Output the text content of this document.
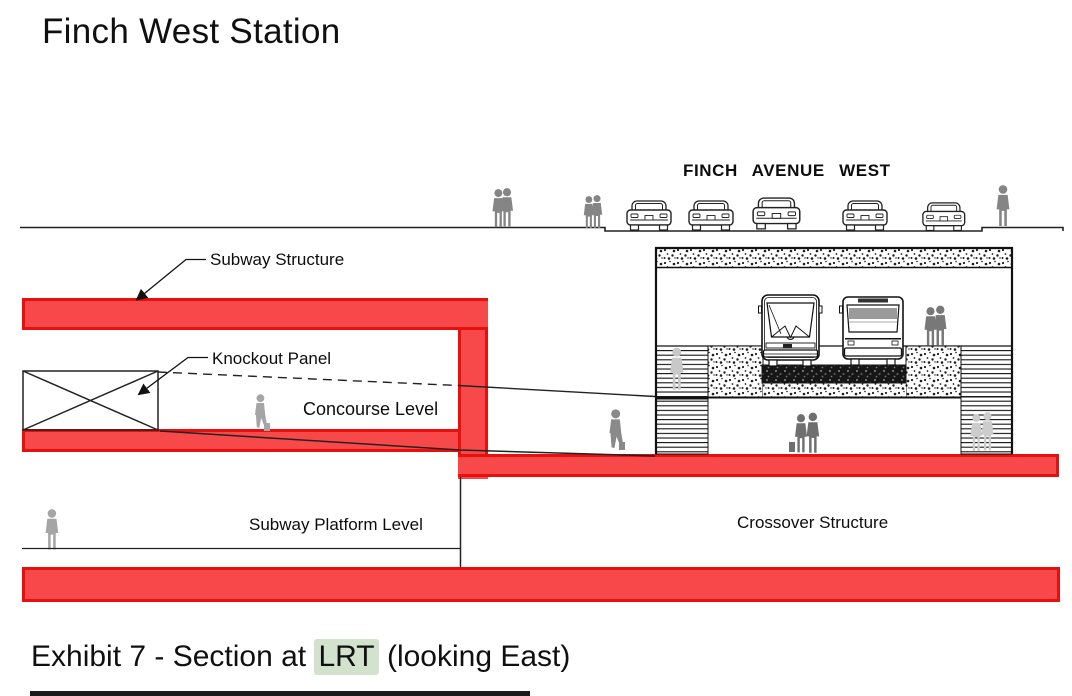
Finch West Station
FINCH AVENUE WEST
Subway Structure
Knockout Panel
Concourse Level
Subway Platform Level	Crossover Structure
Exhibit 7 - Section at LRT (looking East)
